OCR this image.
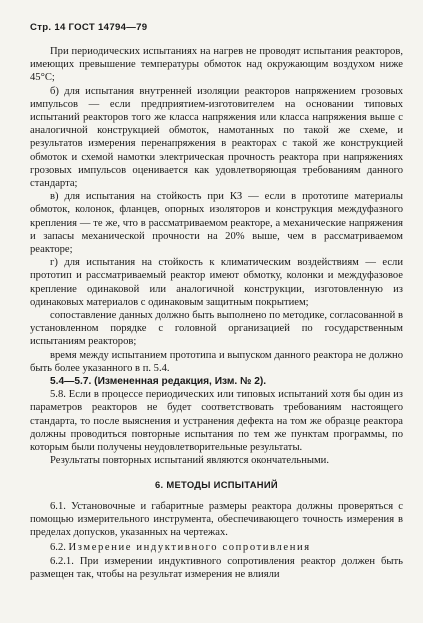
Стр. 14 ГОСТ 14794—79

При периодических испытаниях на нагрев не проводят испытания реакторов, имеющих превышение температуры обмоток над окружающим воздухом ниже 45°С;

б) для испытания внутренней изоляции реакторов напряжением грозовых импульсов — если предприятием-изготовителем на основании типовых испытаний реакторов того же класса напряжения или класса напряжения выше с аналогичной конструкцией обмоток, намотанных по такой же схеме, и результатов измерения перенапряжения в реакторах с такой же конструкцией обмоток и схемой намотки электрическая прочность реактора при напряжениях грозовых импульсов оценивается как удовлетворяющая требованиям данного стандарта;

в) для испытания на стойкость при КЗ — если в прототипе материалы обмоток, колонок, фланцев, опорных изоляторов и конструкция междуфазного крепления — те же, что в рассматриваемом реакторе, а механические напряжения и запасы механической прочности на 20% выше, чем в рассматриваемом реакторе;

г) для испытания на стойкость к климатическим воздействиям — если прототип и рассматриваемый реактор имеют обмотку, колонки и междуфазовое крепление одинаковой или аналогичной конструкции, изготовленную из одинаковых материалов с одинаковым защитным покрытием;

сопоставление данных должно быть выполнено по методике, согласованной в установленном порядке с головной организацией по государственным испытаниям реакторов;

время между испытанием прототипа и выпуском данного реактора не должно быть более указанного в п. 5.4.

5.4—5.7. (Измененная редакция, Изм. № 2).

5.8. Если в процессе периодических или типовых испытаний хотя бы один из параметров реакторов не будет соответствовать требованиям настоящего стандарта, то после выяснения и устранения дефекта на том же образце реактора должны проводиться повторные испытания по тем же пунктам программы, по которым были получены неудовлетворительные результаты.

Результаты повторных испытаний являются окончательными.

6. МЕТОДЫ ИСПЫТАНИЙ

6.1. Установочные и габаритные размеры реактора должны проверяться с помощью измерительного инструмента, обеспечивающего точность измерения в пределах допусков, указанных на чертежах.

6.2. Измерение индуктивного сопротивления

6.2.1. При измерении индуктивного сопротивления реактор должен быть размещен так, чтобы на результат измерения не влияли
